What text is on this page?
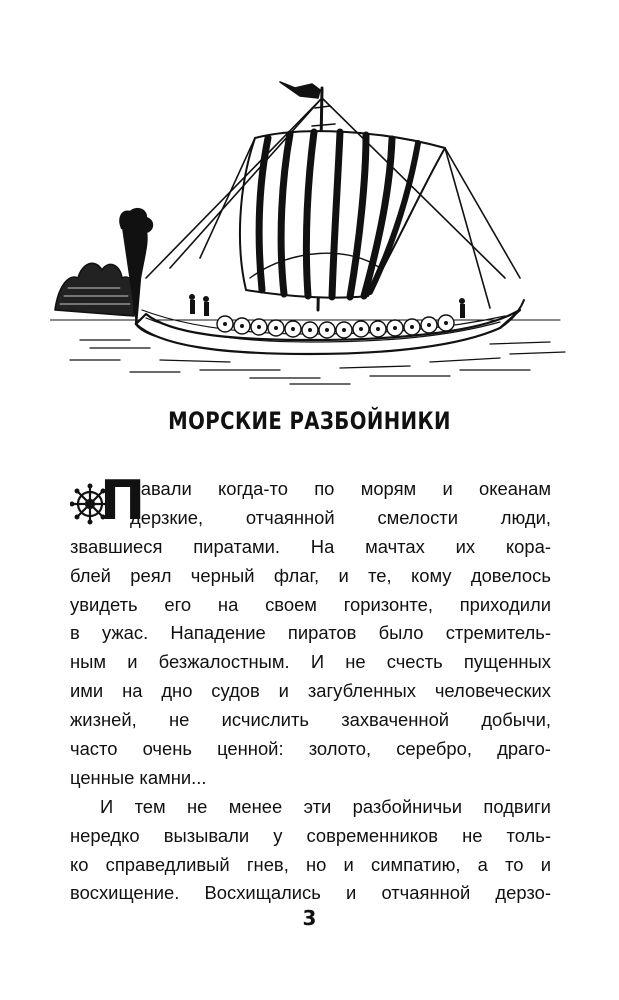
МОРСКИЕ РАЗБОЙНИКИ
П
лавали когда-то по морям и океанам
дерзкие, отчаянной смелости люди,
звавшиеся пиратами. На мачтах их кора-
блей реял черный флаг, и те, кому довелось
увидеть его на своем горизонте, приходили
в ужас. Нападение пиратов было стремитель-
ным и безжалостным. И не счесть пущенных
ими на дно судов и загубленных человеческих
жизней, не исчислить захваченной добычи,
часто очень ценной: золото, серебро, драго-
ценные камни...
И тем не менее эти разбойничьи подвиги
нередко вызывали у современников не толь-
ко справедливый гнев, но и симпатию, а то и
восхищение. Восхищались и отчаянной дерзо-
3
